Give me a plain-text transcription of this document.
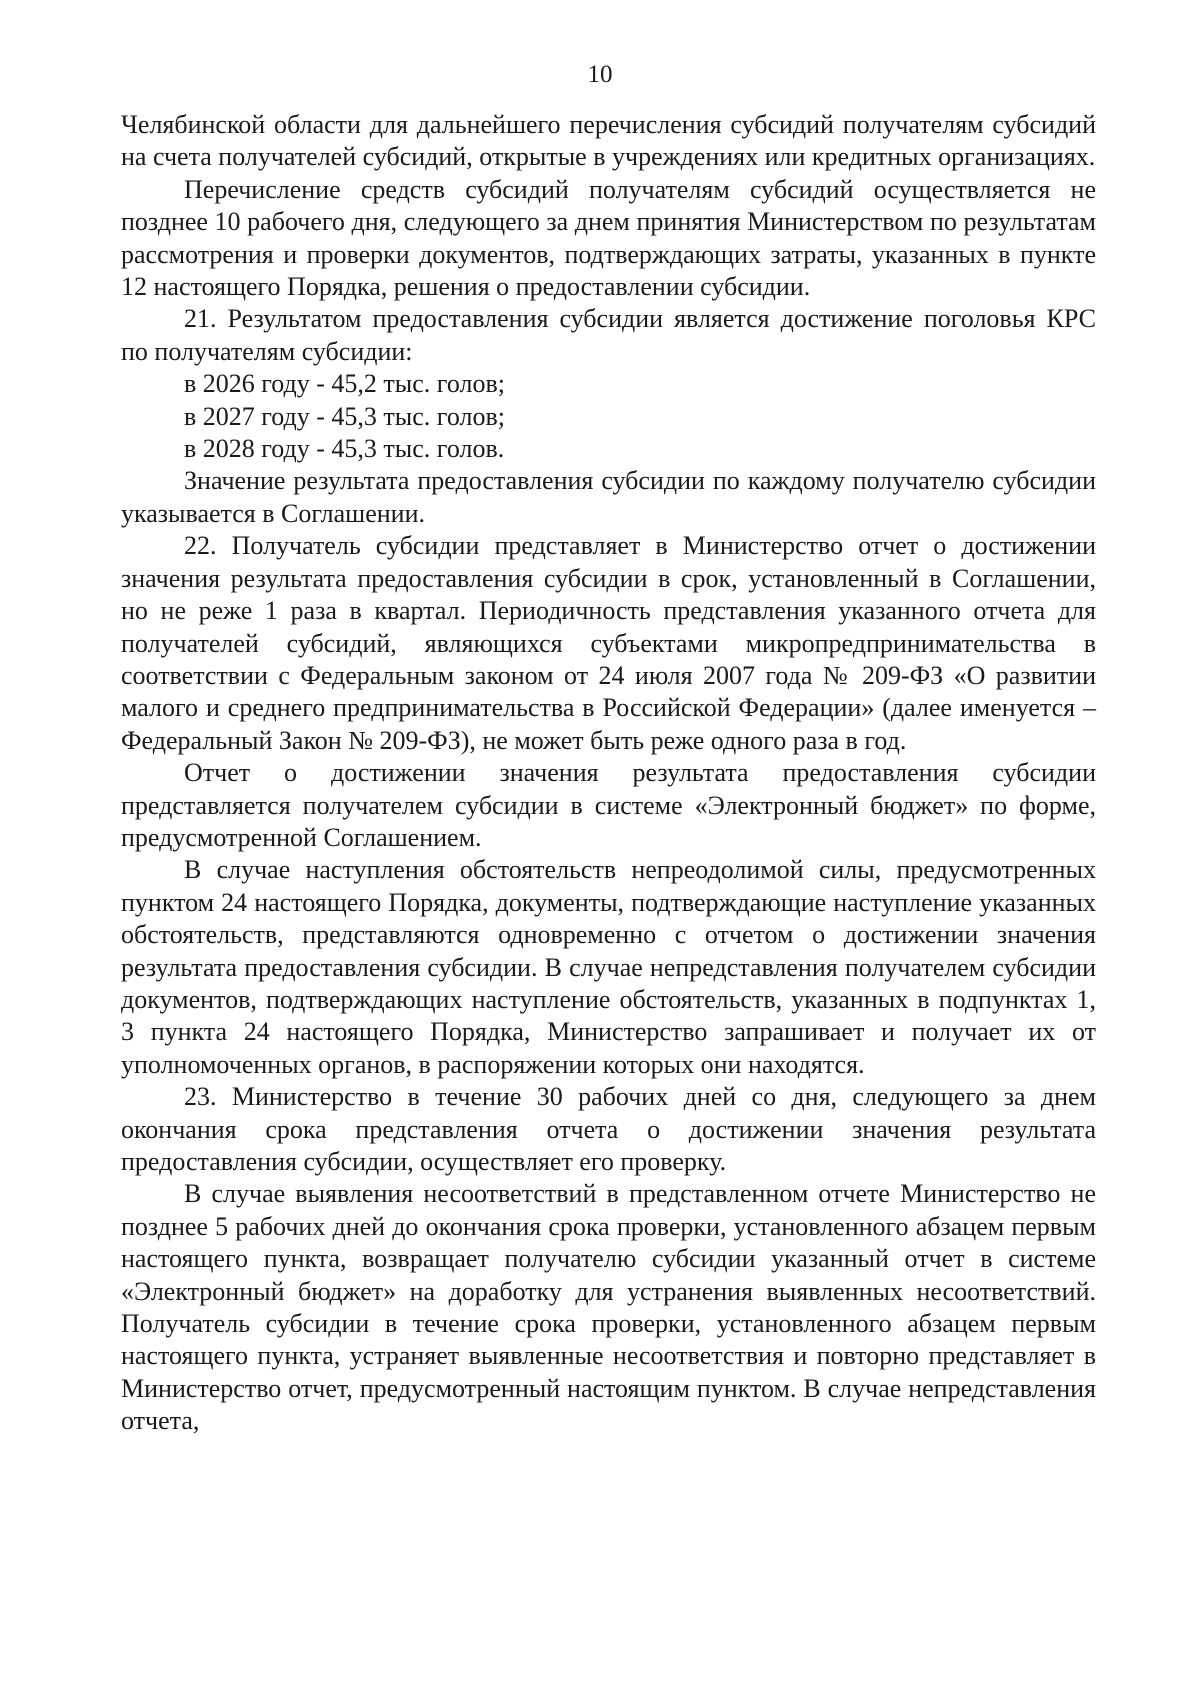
10

Челябинской области для дальнейшего перечисления субсидий получателям субсидий на счета получателей субсидий, открытые в учреждениях или кредитных организациях.

Перечисление средств субсидий получателям субсидий осуществляется не позднее 10 рабочего дня, следующего за днем принятия Министерством по результатам рассмотрения и проверки документов, подтверждающих затраты, указанных в пункте 12 настоящего Порядка, решения о предоставлении субсидии.

21. Результатом предоставления субсидии является достижение поголовья КРС по получателям субсидии:

в 2026 году - 45,2 тыс. голов;

в 2027 году - 45,3 тыс. голов;

в 2028 году - 45,3 тыс. голов.

Значение результата предоставления субсидии по каждому получателю субсидии указывается в Соглашении.

22. Получатель субсидии представляет в Министерство отчет о достижении значения результата предоставления субсидии в срок, установленный в Соглашении, но не реже 1 раза в квартал. Периодичность представления указанного отчета для получателей субсидий, являющихся субъектами микропредпринимательства в соответствии с Федеральным законом от 24 июля 2007 года № 209-ФЗ «О развитии малого и среднего предпринимательства в Российской Федерации» (далее именуется – Федеральный Закон № 209-ФЗ), не может быть реже одного раза в год.

Отчет о достижении значения результата предоставления субсидии представляется получателем субсидии в системе «Электронный бюджет» по форме, предусмотренной Соглашением.

В случае наступления обстоятельств непреодолимой силы, предусмотренных пунктом 24 настоящего Порядка, документы, подтверждающие наступление указанных обстоятельств, представляются одновременно с отчетом о достижении значения результата предоставления субсидии. В случае непредставления получателем субсидии документов, подтверждающих наступление обстоятельств, указанных в подпунктах 1, 3 пункта 24 настоящего Порядка, Министерство запрашивает и получает их от уполномоченных органов, в распоряжении которых они находятся.

23. Министерство в течение 30 рабочих дней со дня, следующего за днем окончания срока представления отчета о достижении значения результата предоставления субсидии, осуществляет его проверку.

В случае выявления несоответствий в представленном отчете Министерство не позднее 5 рабочих дней до окончания срока проверки, установленного абзацем первым настоящего пункта, возвращает получателю субсидии указанный отчет в системе «Электронный бюджет» на доработку для устранения выявленных несоответствий. Получатель субсидии в течение срока проверки, установленного абзацем первым настоящего пункта, устраняет выявленные несоответствия и повторно представляет в Министерство отчет, предусмотренный настоящим пунктом. В случае непредставления отчета,
